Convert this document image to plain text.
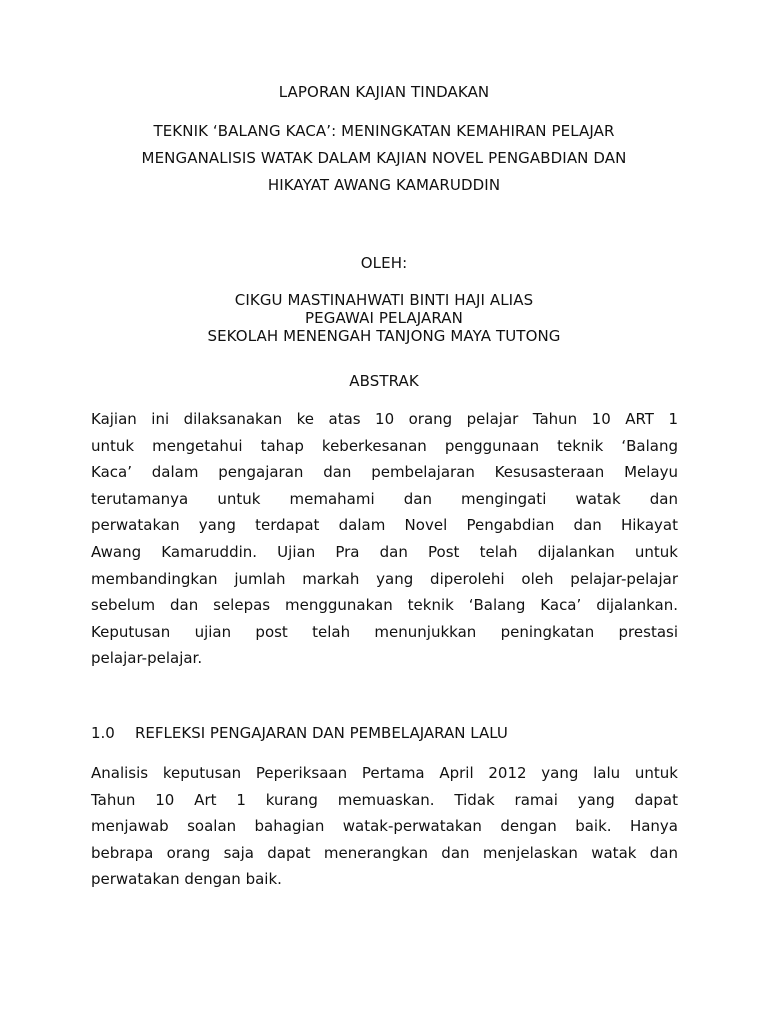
LAPORAN KAJIAN TINDAKAN
TEKNIK ‘BALANG KACA’: MENINGKATAN KEMAHIRAN PELAJAR
MENGANALISIS WATAK DALAM KAJIAN NOVEL PENGABDIAN DAN
HIKAYAT AWANG KAMARUDDIN
OLEH:
CIKGU MASTINAHWATI BINTI HAJI ALIAS
PEGAWAI PELAJARAN
SEKOLAH MENENGAH TANJONG MAYA TUTONG
ABSTRAK
Kajian ini dilaksanakan ke atas 10 orang pelajar Tahun 10 ART 1
untuk mengetahui tahap keberkesanan penggunaan teknik ‘Balang
Kaca’ dalam pengajaran dan pembelajaran Kesusasteraan Melayu
terutamanya untuk memahami dan mengingati watak dan
perwatakan yang terdapat dalam Novel Pengabdian dan Hikayat
Awang Kamaruddin. Ujian Pra dan Post telah dijalankan untuk
membandingkan jumlah markah yang diperolehi oleh pelajar-pelajar
sebelum dan selepas menggunakan teknik ‘Balang Kaca’ dijalankan.
Keputusan ujian post telah menunjukkan peningkatan prestasi
pelajar-pelajar.
1.0 REFLEKSI PENGAJARAN DAN PEMBELAJARAN LALU
Analisis keputusan Peperiksaan Pertama April 2012 yang lalu untuk
Tahun 10 Art 1 kurang memuaskan. Tidak ramai yang dapat
menjawab soalan bahagian watak-perwatakan dengan baik. Hanya
bebrapa orang saja dapat menerangkan dan menjelaskan watak dan
perwatakan dengan baik.
